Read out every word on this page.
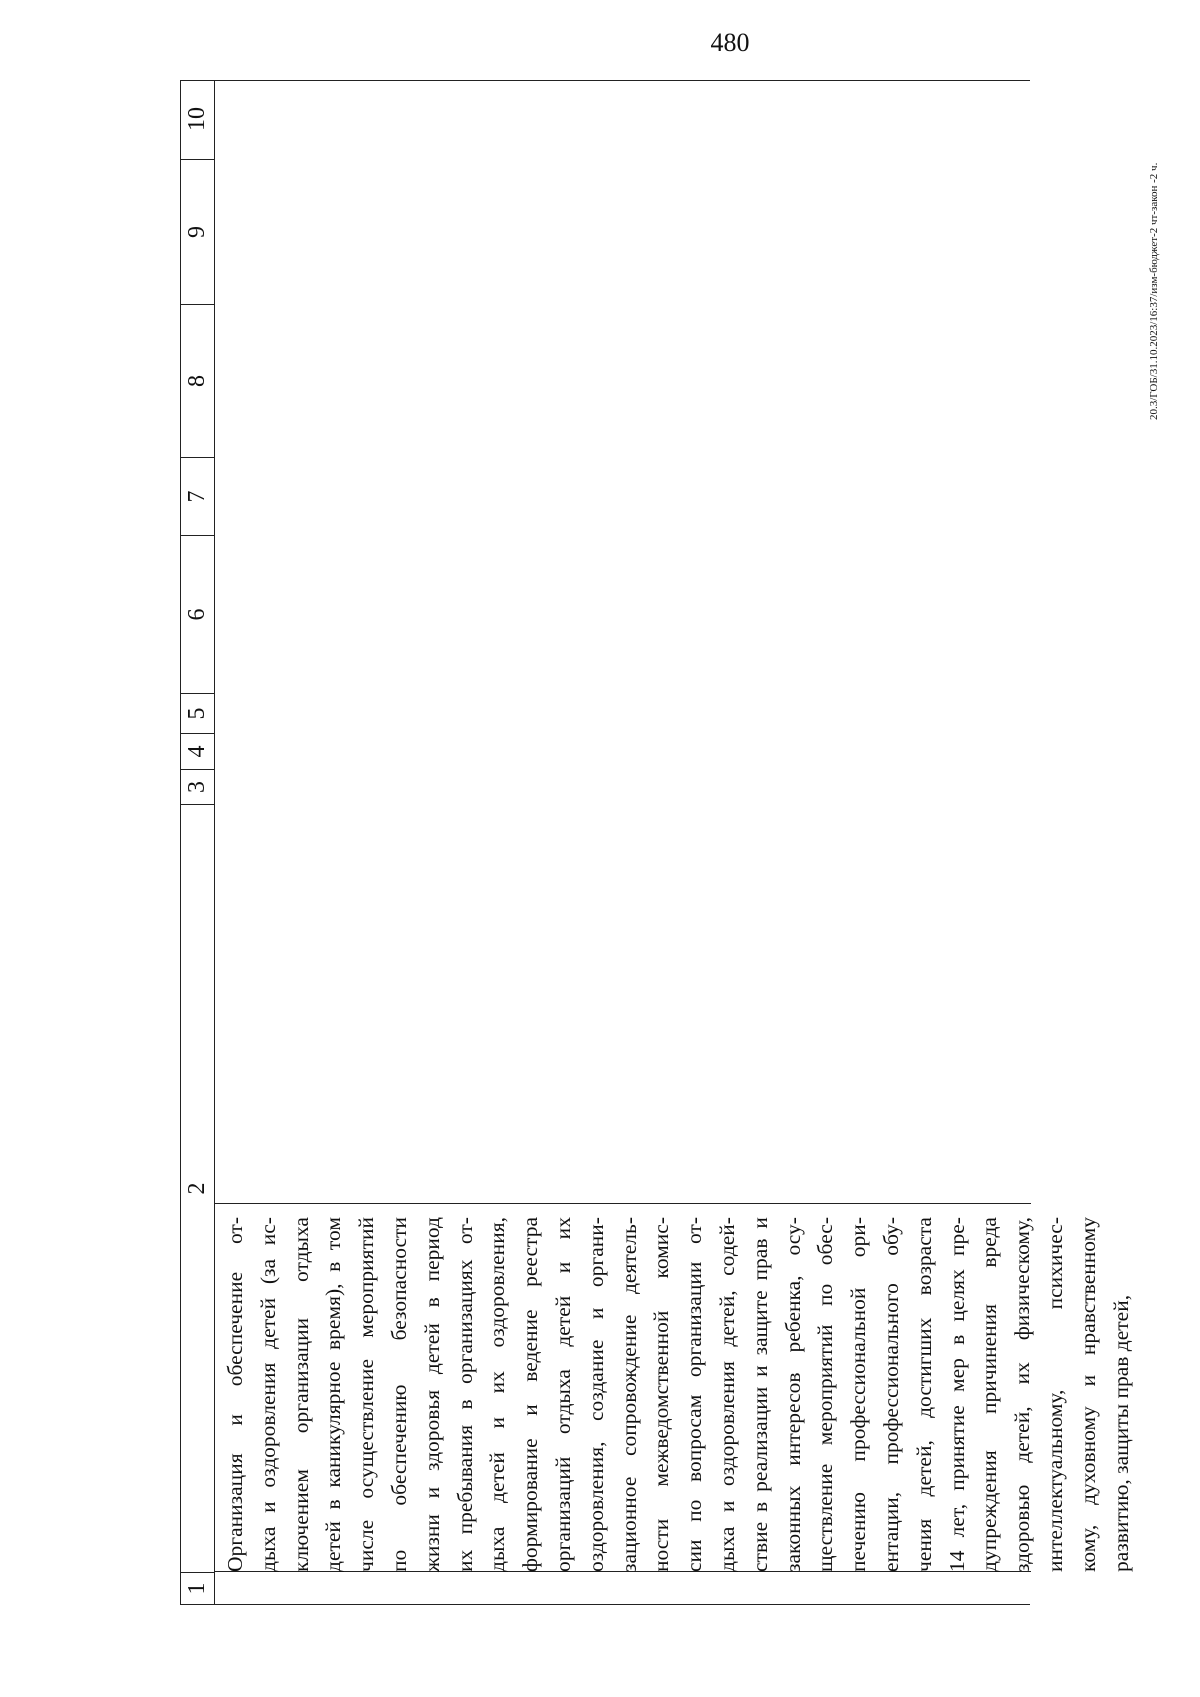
480
20.3/ГОБ/31.10.2023/16:37/изм-бюджет-2 чт-закон -2 ч.
1
2
3
4
5
6
7
8
9
10
Организация
и
обеспечение
от-
дыха
и
оздоровления
детей
(за
ис-
ключением
организации
отдыха
детей
в
каникулярное
время),
в
том
числе
осуществление
мероприятий
по
обеспечению
безопасности
жизни
и
здоровья
детей
в
период
их
пребывания
в
организациях
от-
дыха
детей
и
их
оздоровления,
формирование
и
ведение
реестра
организаций
отдыха
детей
и
их
оздоровления,
создание
и
органи-
зационное
сопровождение
деятель-
ности
межведомственной
комис-
сии
по
вопросам
организации
от-
дыха
и
оздоровления
детей,
содей-
ствие
в
реализации
и
защите
прав
и
законных
интересов
ребенка,
осу-
ществление
мероприятий
по
обес-
печению
профессиональной
ори-
ентации,
профессионального
обу-
чения
детей,
достигших
возраста
14
лет,
принятие
мер
в
целях
пре-
дупреждения
причинения
вреда
здоровью
детей,
их
физическому,
интеллектуальному,
психичес-
кому,
духовному
и
нравственному
развитию, защиты прав детей,
